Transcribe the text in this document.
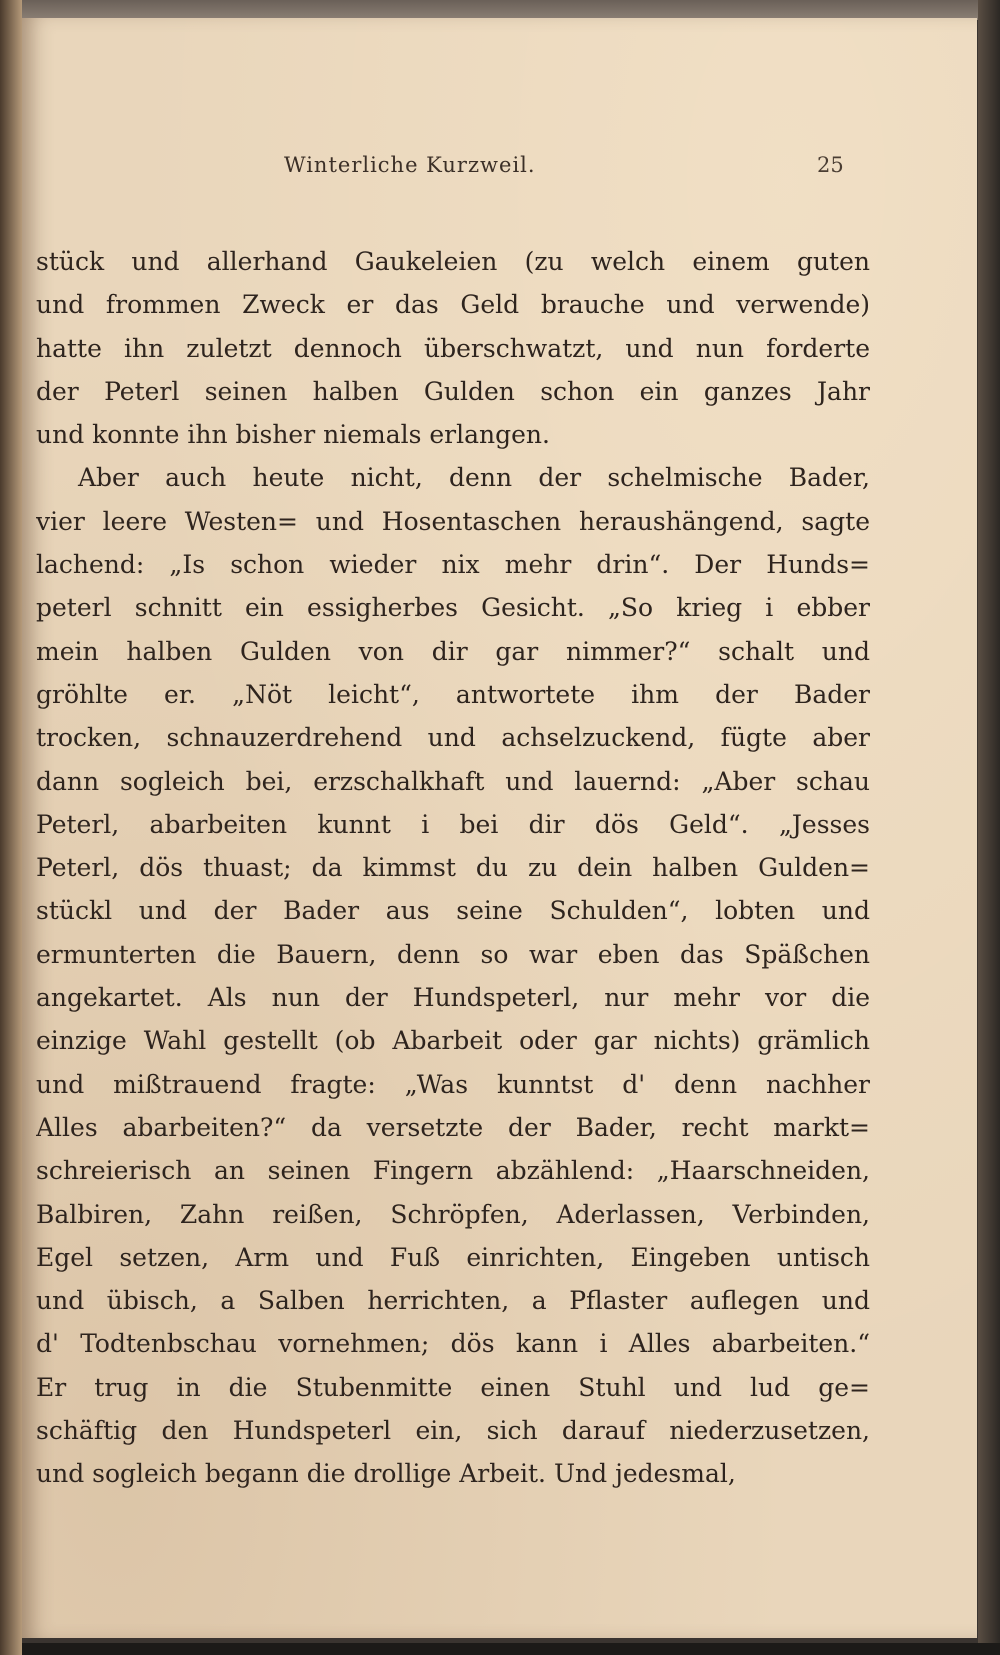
Winterliche Kurzweil.	25
stück und allerhand Gaukeleien (zu welch einem guten
und frommen Zweck er das Geld brauche und verwende)
hatte ihn zuletzt dennoch überschwatzt, und nun forderte
der Peterl seinen halben Gulden schon ein ganzes Jahr
und konnte ihn bisher niemals erlangen.
Aber auch heute nicht, denn der schelmische Bader,
vier leere Westen= und Hosentaschen heraushängend, sagte
lachend: „Is schon wieder nix mehr drin“. Der Hunds=
peterl schnitt ein essigherbes Gesicht. „So krieg i ebber
mein halben Gulden von dir gar nimmer?“ schalt und
gröhlte er. „Nöt leicht“, antwortete ihm der Bader
trocken, schnauzerdrehend und achselzuckend, fügte aber
dann sogleich bei, erzschalkhaft und lauernd: „Aber schau
Peterl, abarbeiten kunnt i bei dir dös Geld“. „Jesses
Peterl, dös thuast; da kimmst du zu dein halben Gulden=
stückl und der Bader aus seine Schulden“, lobten und
ermunterten die Bauern, denn so war eben das Späßchen
angekartet. Als nun der Hundspeterl, nur mehr vor die
einzige Wahl gestellt (ob Abarbeit oder gar nichts) grämlich
und mißtrauend fragte: „Was kunntst d' denn nachher
Alles abarbeiten?“ da versetzte der Bader, recht markt=
schreierisch an seinen Fingern abzählend: „Haarschneiden,
Balbiren, Zahn reißen, Schröpfen, Aderlassen, Verbinden,
Egel setzen, Arm und Fuß einrichten, Eingeben untisch
und übisch, a Salben herrichten, a Pflaster auflegen und
d' Todtenbschau vornehmen; dös kann i Alles abarbeiten.“
Er trug in die Stubenmitte einen Stuhl und lud ge=
schäftig den Hundspeterl ein, sich darauf niederzusetzen,
und sogleich begann die drollige Arbeit. Und jedesmal,
